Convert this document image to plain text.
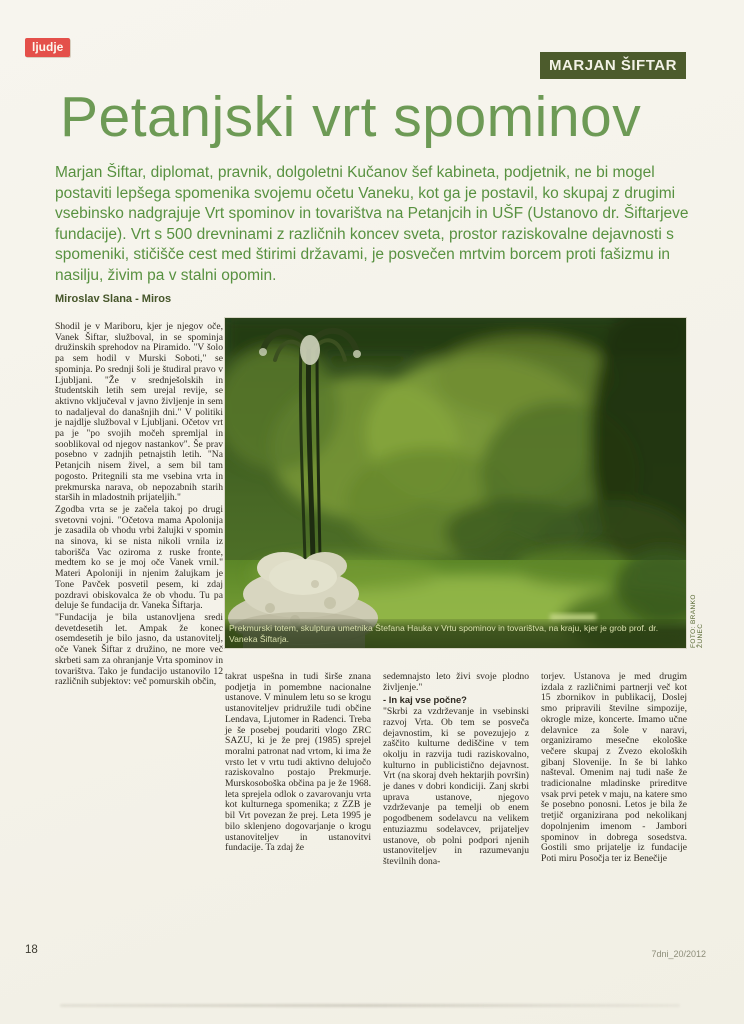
ljudje
MARJAN ŠIFTAR
Petanjski vrt spominov

Marjan Šiftar, diplomat, pravnik, dolgoletni Kučanov šef kabineta, podjetnik, ne bi mogel postaviti lepšega spomenika svojemu očetu Vaneku, kot ga je postavil, ko skupaj z drugimi vsebinsko nadgrajuje Vrt spominov in tovarištva na Petanjcih in UŠF (Ustanovo dr. Šiftarjeve fundacije). Vrt s 500 drevninami z različnih koncev sveta, prostor raziskovalne dejavnosti s spomeniki, stičišče cest med štirimi državami, je posvečen mrtvim borcem proti fašizmu in nasilju, živim pa v stalni opomin.

Miroslav Slana - Miros

Shodil je v Mariboru, kjer je njegov oče, Vanek Šiftar, služboval, in se spominja družinskih sprehodov na Piramido. "V šolo pa sem hodil v Murski Soboti," se spominja. Po srednji šoli je študiral pravo v Ljubljani. "Že v srednješolskih in študentskih letih sem urejal revije, se aktivno vključeval v javno življenje in sem to nadaljeval do današnjih dni." V politiki je najdlje služboval v Ljubljani. Očetov vrt pa je "po svojih močeh spremljal in sooblikoval od njegov nastankov". Še prav posebno v zadnjih petnajstih letih. "Na Petanjcih nisem živel, a sem bil tam pogosto. Pritegnili sta me vsebina vrta in prekmurska narava, ob nepozabnih starih starših in mladostnih prijateljih."

Zgodba vrta se je začela takoj po drugi svetovni vojni. "Očetova mama Apolonija je zasadila ob vhodu vrbi žalujki v spomin na sinova, ki se nista nikoli vrnila iz taborišča Vac oziroma z ruske fronte, medtem ko se je moj oče Vanek vrnil." Materi Apoloniji in njenim žalujkam je Tone Pavček posvetil pesem, ki zdaj pozdravi obiskovalca že ob vhodu. Tu pa deluje še fundacija dr. Vaneka Šiftarja.

"Fundacija je bila ustanovljena sredi devetdesetih let. Ampak že konec osemdesetih je bilo jasno, da ustanovitelj, oče Vanek Šiftar z družino, ne more več skrbeti sam za ohranjanje Vrta spominov in tovarištva. Tako je fundacijo ustanovilo 12 različnih subjektov: več pomurskih občin,

Prekmurski totem, skulptura umetnika Štefana Hauka v Vrtu spominov in tovarištva, na kraju, kjer je grob prof. dr. Vaneka Šiftarja.	FOTO: BRANKO ŽUNEC

takrat uspešna in tudi širše znana podjetja in pomembne nacionalne ustanove. V minulem letu so se krogu ustanoviteljev pridružile tudi občine Lendava, Ljutomer in Radenci. Treba je še posebej poudariti vlogo ZRC SAZU, ki je že prej (1985) sprejel moralni patronat nad vrtom, ki ima že vrsto let v vrtu tudi aktivno delujočo raziskovalno postajo Prekmurje. Murskosoboška občina pa je že 1968. leta sprejela odlok o zavarovanju vrta kot kulturnega spomenika; z ZZB je bil Vrt povezan že prej. Leta 1995 je bilo sklenjeno dogovarjanje o krogu ustanoviteljev in ustanovitvi fundacije. Ta zdaj že

sedemnajsto leto živi svoje plodno življenje."

- In kaj vse počne?

"Skrbi za vzdrževanje in vsebinski razvoj Vrta. Ob tem se posveča dejavnostim, ki se povezujejo z zaščito kulturne dediščine v tem okolju in razvija tudi raziskovalno, kulturno in publicistično dejavnost. Vrt (na skoraj dveh hektarjih površin) je danes v dobri kondiciji. Zanj skrbi uprava ustanove, njegovo vzdrževanje pa temelji ob enem pogodbenem sodelavcu na velikem entuziazmu sodelavcev, prijateljev ustanove, ob polni podpori njenih ustanoviteljev in razumevanju številnih dona-

torjev. Ustanova je med drugim izdala z različnimi partnerji več kot 15 zbornikov in publikacij, Doslej smo pripravili številne simpozije, okrogle mize, koncerte. Imamo učne delavnice za šole v naravi, organiziramo mesečne ekološke večere skupaj z Zvezo ekoloških gibanj Slovenije. In še bi lahko našteval. Omenim naj tudi naše že tradicionalne mladinske prireditve vsak prvi petek v maju, na katere smo še posebno ponosni. Letos je bila že tretjič organizirana pod nekolikanj dopolnjenim imenom - Jambori spominov in dobrega sosedstva. Gostili smo prijatelje iz fundacije Poti miru Posočja ter iz Benečije

18	7dni_20/2012
